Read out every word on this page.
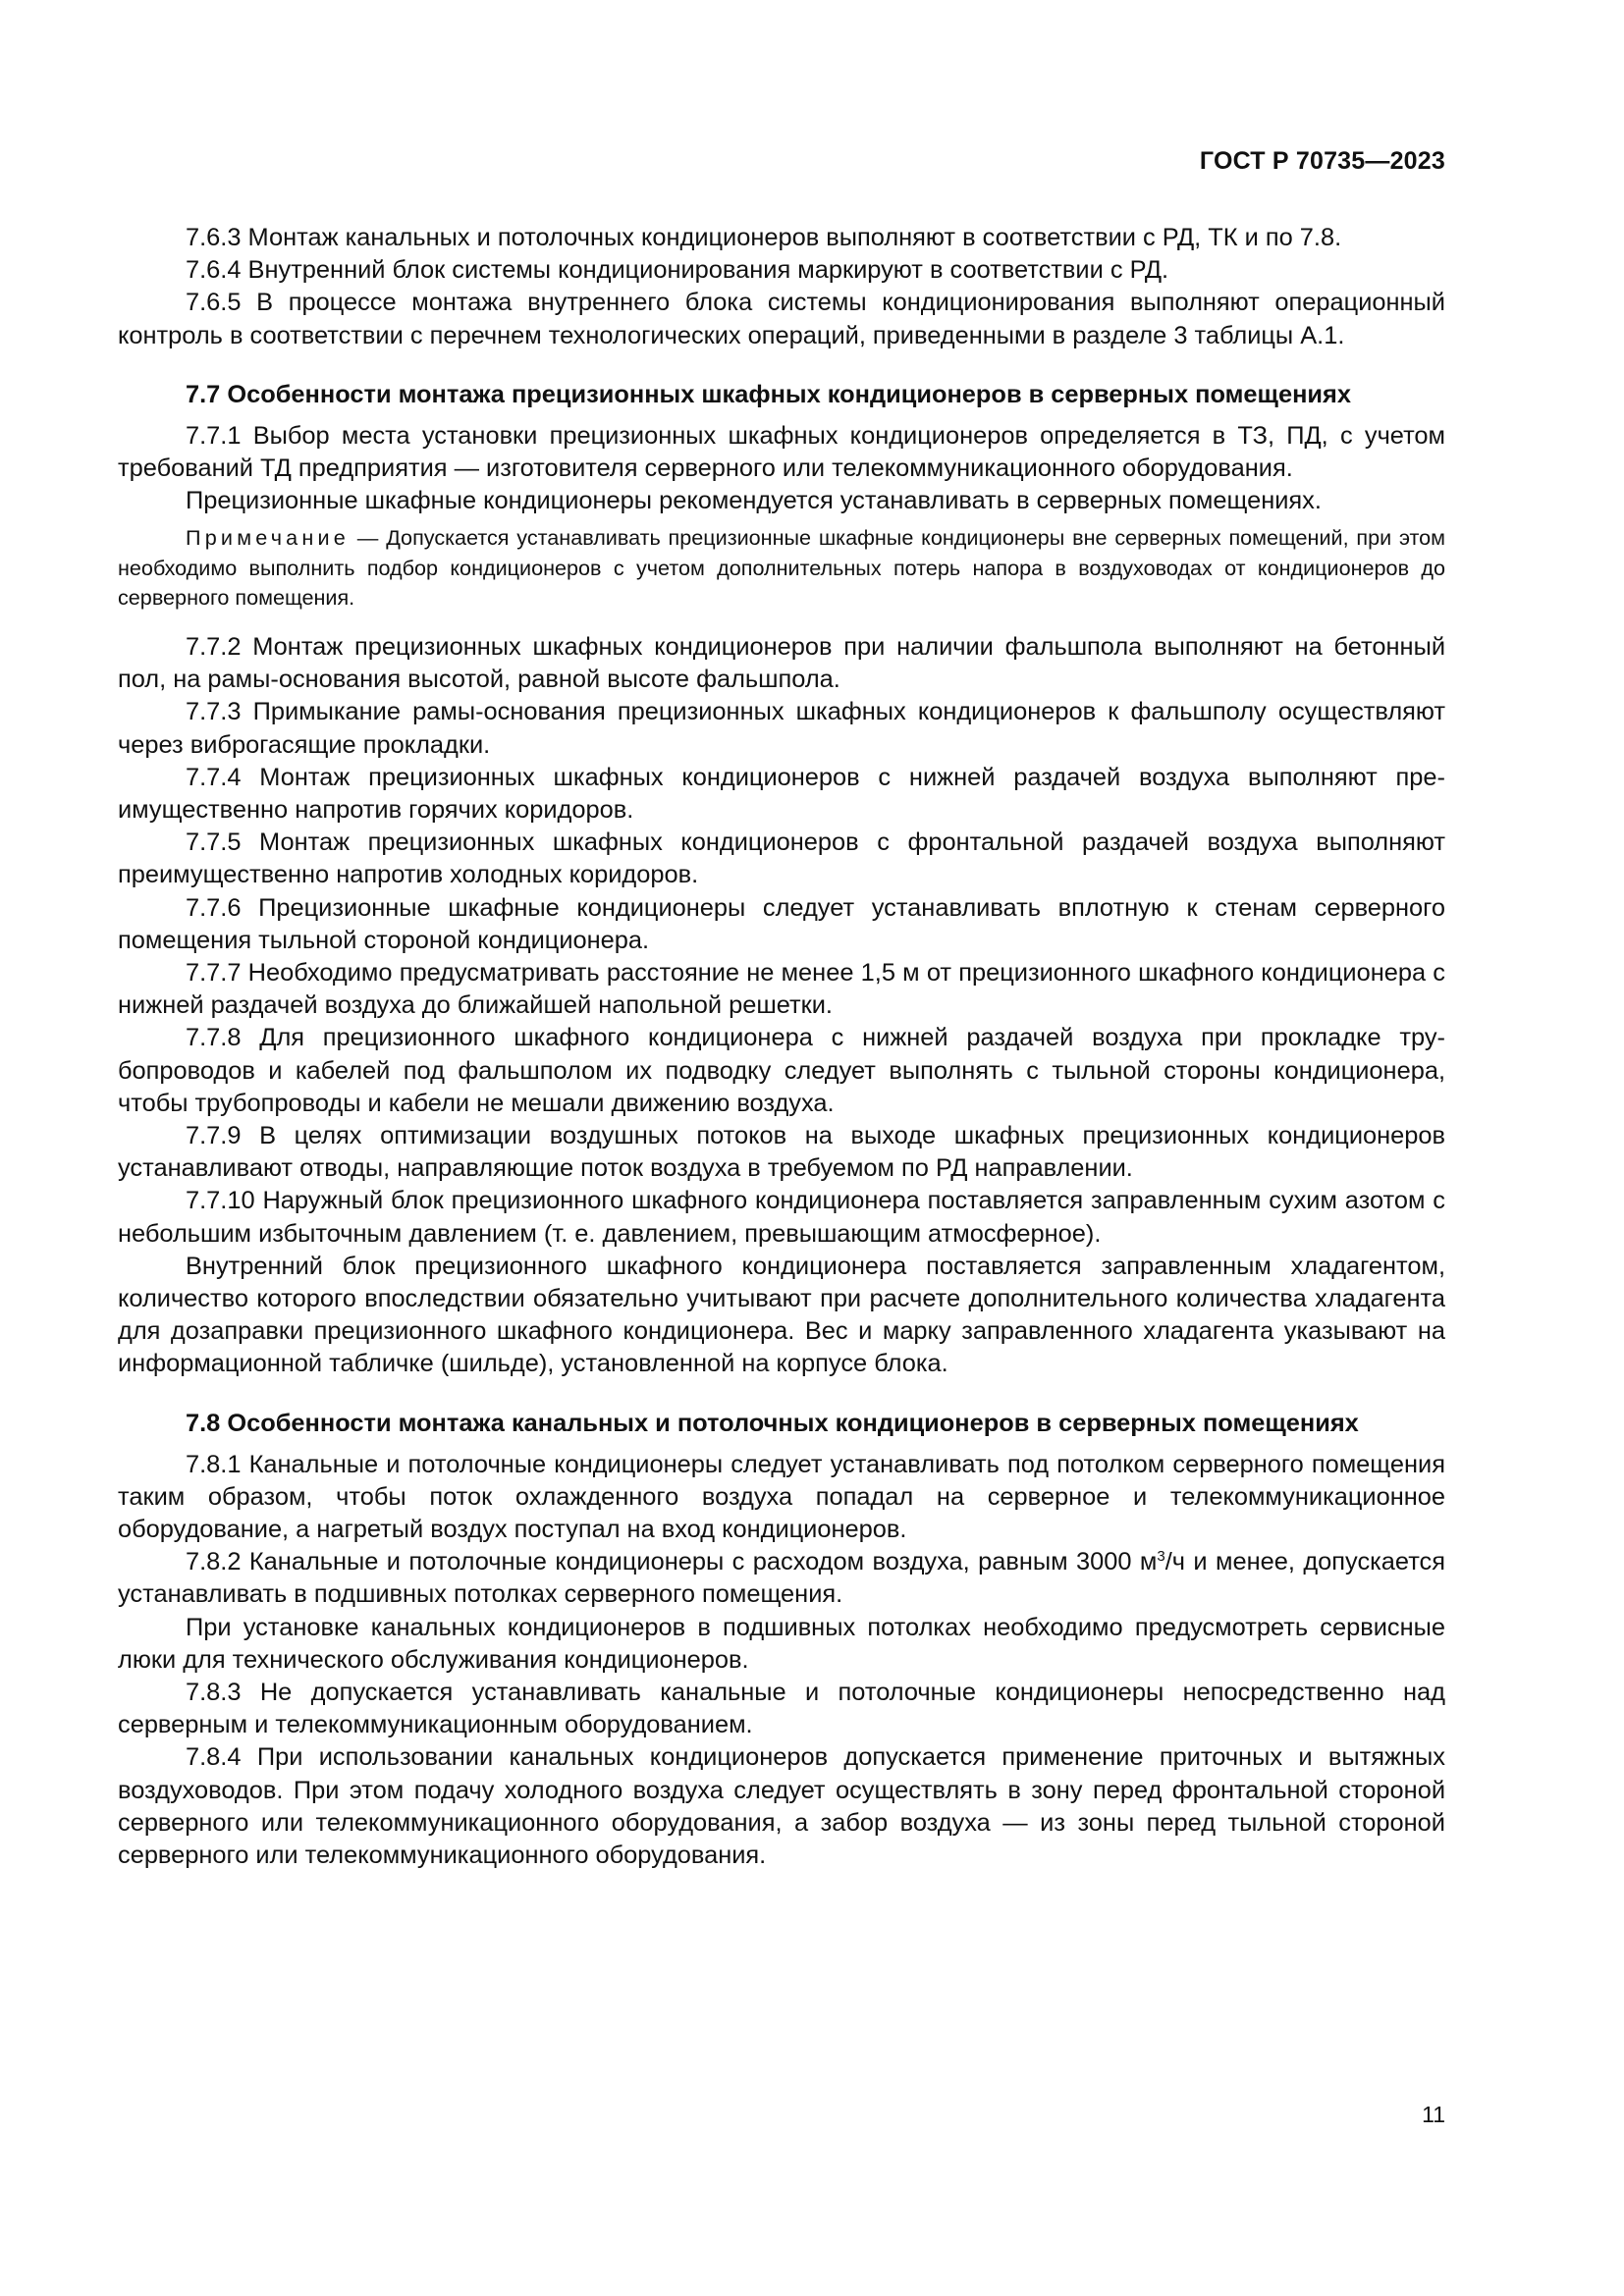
ГОСТ Р 70735—2023

7.6.3 Монтаж канальных и потолочных кондиционеров выполняют в соответствии с РД, ТК и по 7.8.

7.6.4 Внутренний блок системы кондиционирования маркируют в соответствии с РД.

7.6.5 В процессе монтажа внутреннего блока системы кондиционирования выполняют операционный контроль в соответствии с перечнем технологических операций, приведенными в разделе 3 таблицы А.1.

7.7 Особенности монтажа прецизионных шкафных кондиционеров в серверных помещениях

7.7.1 Выбор места установки прецизионных шкафных кондиционеров определяется в ТЗ, ПД, с учетом требований ТД предприятия — изготовителя серверного или телекоммуникационного оборудования.

Прецизионные шкафные кондиционеры рекомендуется устанавливать в серверных помещениях.

Примечание — Допускается устанавливать прецизионные шкафные кондиционеры вне серверных помещений, при этом необходимо выполнить подбор кондиционеров с учетом дополнительных потерь напора в воздуховодах от кондиционеров до серверного помещения.

7.7.2 Монтаж прецизионных шкафных кондиционеров при наличии фальшпола выполняют на бетонный пол, на рамы-основания высотой, равной высоте фальшпола.

7.7.3 Примыкание рамы-основания прецизионных шкафных кондиционеров к фальшполу осуществляют через виброгасящие прокладки.

7.7.4 Монтаж прецизионных шкафных кондиционеров с нижней раздачей воздуха выполняют преимущественно напротив горячих коридоров.

7.7.5 Монтаж прецизионных шкафных кондиционеров с фронтальной раздачей воздуха выполняют преимущественно напротив холодных коридоров.

7.7.6 Прецизионные шкафные кондиционеры следует устанавливать вплотную к стенам серверного помещения тыльной стороной кондиционера.

7.7.7 Необходимо предусматривать расстояние не менее 1,5 м от прецизионного шкафного кондиционера с нижней раздачей воздуха до ближайшей напольной решетки.

7.7.8 Для прецизионного шкафного кондиционера с нижней раздачей воздуха при прокладке трубопроводов и кабелей под фальшполом их подводку следует выполнять с тыльной стороны кондиционера, чтобы трубопроводы и кабели не мешали движению воздуха.

7.7.9 В целях оптимизации воздушных потоков на выходе шкафных прецизионных кондиционеров устанавливают отводы, направляющие поток воздуха в требуемом по РД направлении.

7.7.10 Наружный блок прецизионного шкафного кондиционера поставляется заправленным сухим азотом с небольшим избыточным давлением (т. е. давлением, превышающим атмосферное).

Внутренний блок прецизионного шкафного кондиционера поставляется заправленным хладагентом, количество которого впоследствии обязательно учитывают при расчете дополнительного количества хладагента для дозаправки прецизионного шкафного кондиционера. Вес и марку заправленного хладагента указывают на информационной табличке (шильде), установленной на корпусе блока.

7.8 Особенности монтажа канальных и потолочных кондиционеров в серверных помещениях

7.8.1 Канальные и потолочные кондиционеры следует устанавливать под потолком серверного помещения таким образом, чтобы поток охлажденного воздуха попадал на серверное и телекоммуникационное оборудование, а нагретый воздух поступал на вход кондиционеров.

7.8.2 Канальные и потолочные кондиционеры с расходом воздуха, равным 3000 $м^3/ч$ и менее, допускается устанавливать в подшивных потолках серверного помещения.

При установке канальных кондиционеров в подшивных потолках необходимо предусмотреть сервисные люки для технического обслуживания кондиционеров.

7.8.3 Не допускается устанавливать канальные и потолочные кондиционеры непосредственно над серверным и телекоммуникационным оборудованием.

7.8.4 При использовании канальных кондиционеров допускается применение приточных и вытяжных воздуховодов. При этом подачу холодного воздуха следует осуществлять в зону перед фронтальной стороной серверного или телекоммуникационного оборудования, а забор воздуха — из зоны перед тыльной стороной серверного или телекоммуникационного оборудования.

11
